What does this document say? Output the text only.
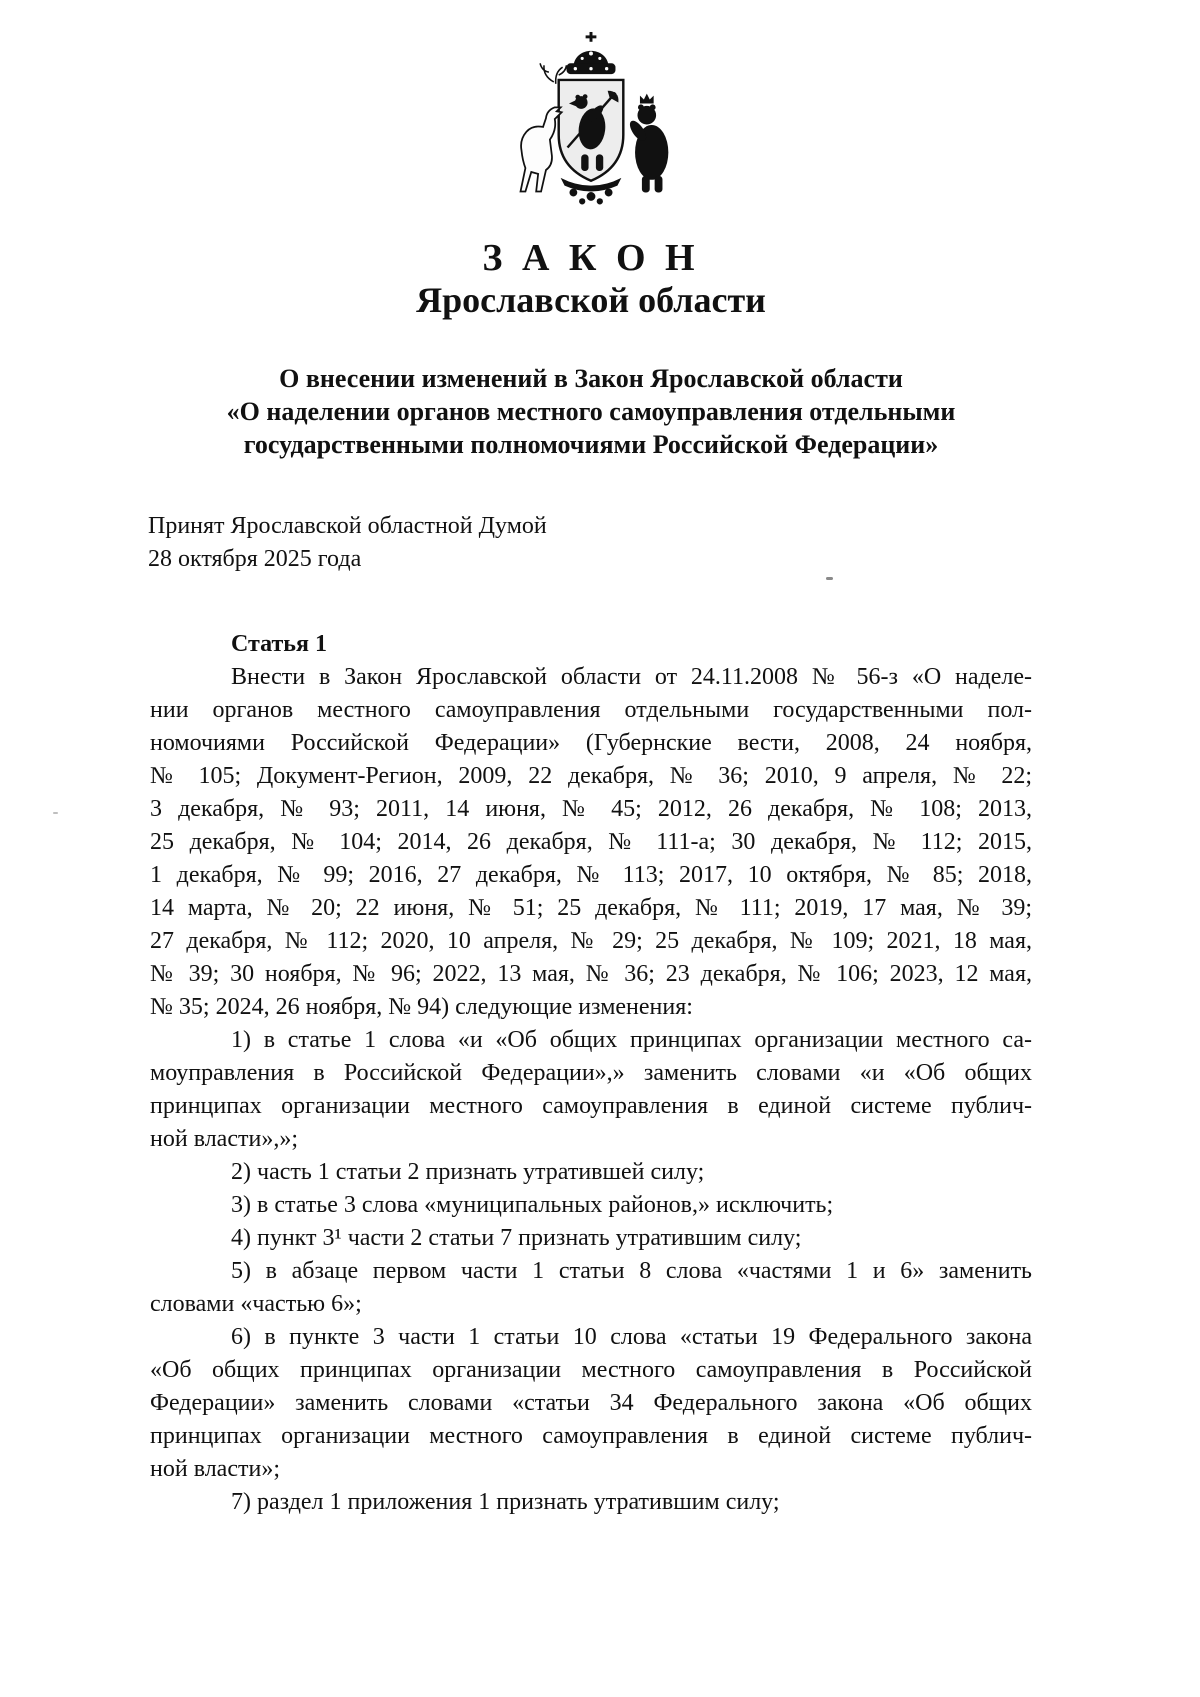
З А К О Н
Ярославской области
О внесении изменений в Закон Ярославской области
«О наделении органов местного самоуправления отдельными
государственными полномочиями Российской Федерации»
Принят Ярославской областной Думой
28 октября 2025 года
Статья 1
Внести в Закон Ярославской области от 24.11.2008 № 56-з «О наделе-
нии органов местного самоуправления отдельными государственными пол-
номочиями Российской Федерации» (Губернские вести, 2008, 24 ноября,
№ 105; Документ-Регион, 2009, 22 декабря, № 36; 2010, 9 апреля, № 22;
3 декабря, № 93; 2011, 14 июня, № 45; 2012, 26 декабря, № 108; 2013,
25 декабря, № 104; 2014, 26 декабря, № 111-а; 30 декабря, № 112; 2015,
1 декабря, № 99; 2016, 27 декабря, № 113; 2017, 10 октября, № 85; 2018,
14 марта, № 20; 22 июня, № 51; 25 декабря, № 111; 2019, 17 мая, № 39;
27 декабря, № 112; 2020, 10 апреля, № 29; 25 декабря, № 109; 2021, 18 мая,
№ 39; 30 ноября, № 96; 2022, 13 мая, № 36; 23 декабря, № 106; 2023, 12 мая,
№ 35; 2024, 26 ноября, № 94) следующие изменения:
1) в статье 1 слова «и «Об общих принципах организации местного са-
моуправления в Российской Федерации»,» заменить словами «и «Об общих
принципах организации местного самоуправления в единой системе публич-
ной власти»,»;
2) часть 1 статьи 2 признать утратившей силу;
3) в статье 3 слова «муниципальных районов,» исключить;
4) пункт 3¹ части 2 статьи 7 признать утратившим силу;
5) в абзаце первом части 1 статьи 8 слова «частями 1 и 6» заменить
словами «частью 6»;
6) в пункте 3 части 1 статьи 10 слова «статьи 19 Федерального закона
«Об общих принципах организации местного самоуправления в Российской
Федерации» заменить словами «статьи 34 Федерального закона «Об общих
принципах организации местного самоуправления в единой системе публич-
ной власти»;
7) раздел 1 приложения 1 признать утратившим силу;
